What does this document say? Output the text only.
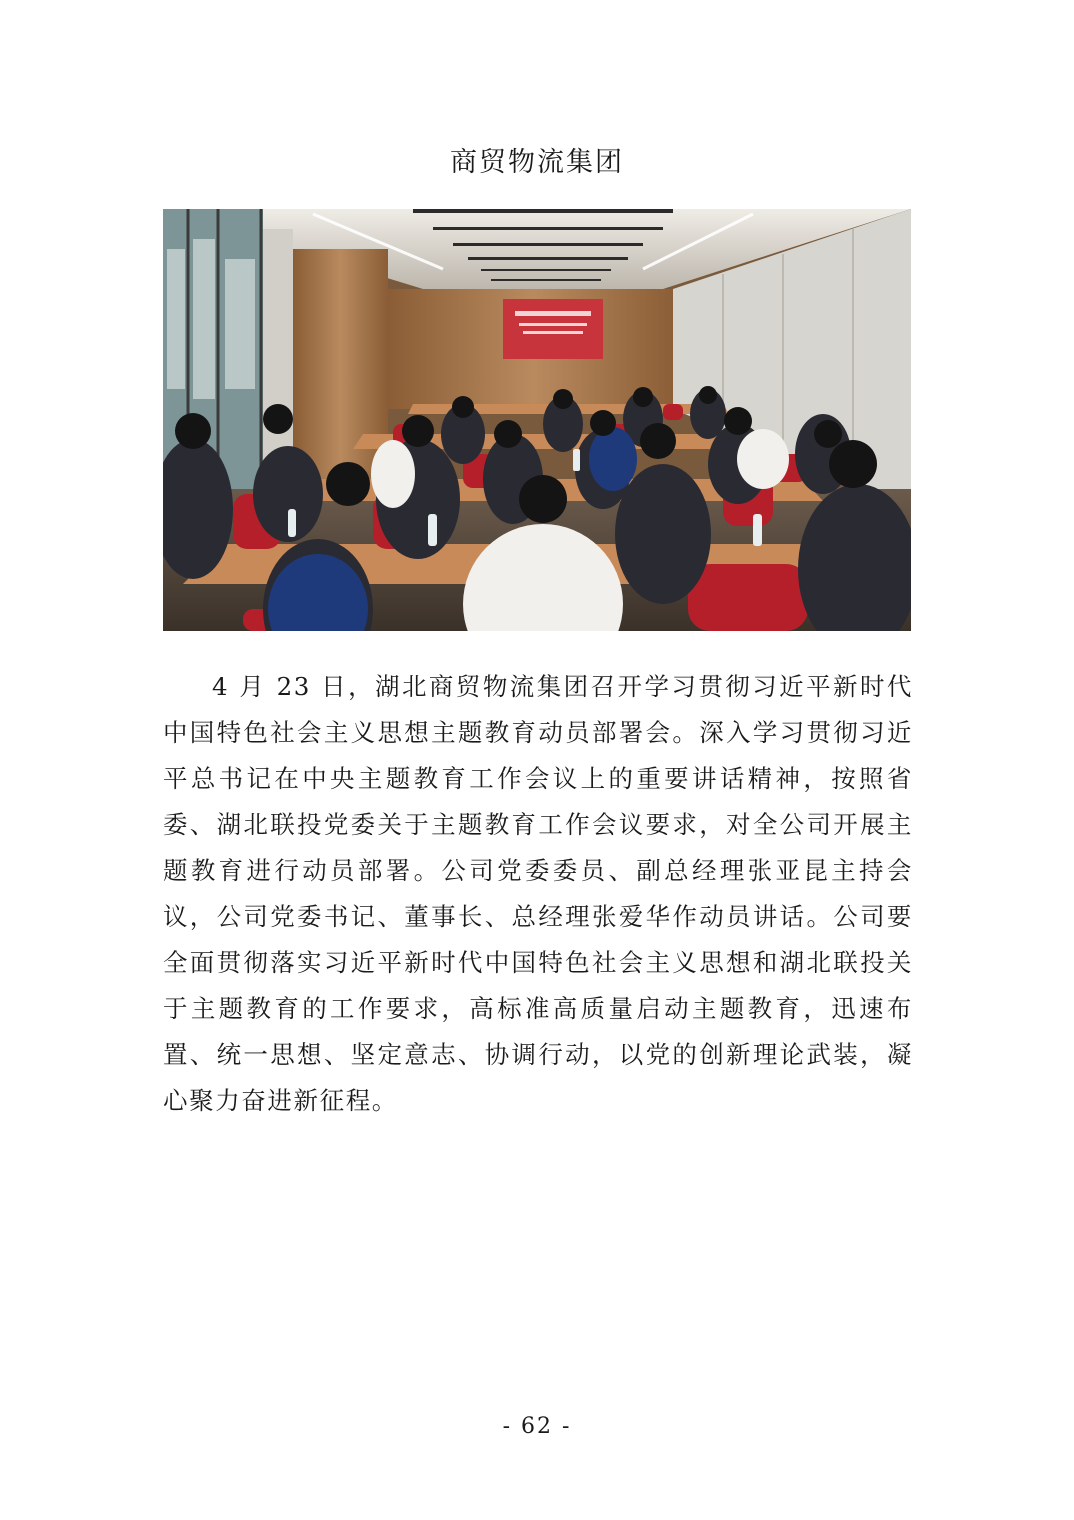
商贸物流集团

4 月 23 日，湖北商贸物流集团召开学习贯彻习近平新时代中国特色社会主义思想主题教育动员部署会。深入学习贯彻习近平总书记在中央主题教育工作会议上的重要讲话精神，按照省委、湖北联投党委关于主题教育工作会议要求，对全公司开展主题教育进行动员部署。公司党委委员、副总经理张亚昆主持会议，公司党委书记、董事长、总经理张爱华作动员讲话。公司要全面贯彻落实习近平新时代中国特色社会主义思想和湖北联投关于主题教育的工作要求，高标准高质量启动主题教育，迅速布置、统一思想、坚定意志、协调行动，以党的创新理论武装，凝心聚力奋进新征程。

- 62 -
